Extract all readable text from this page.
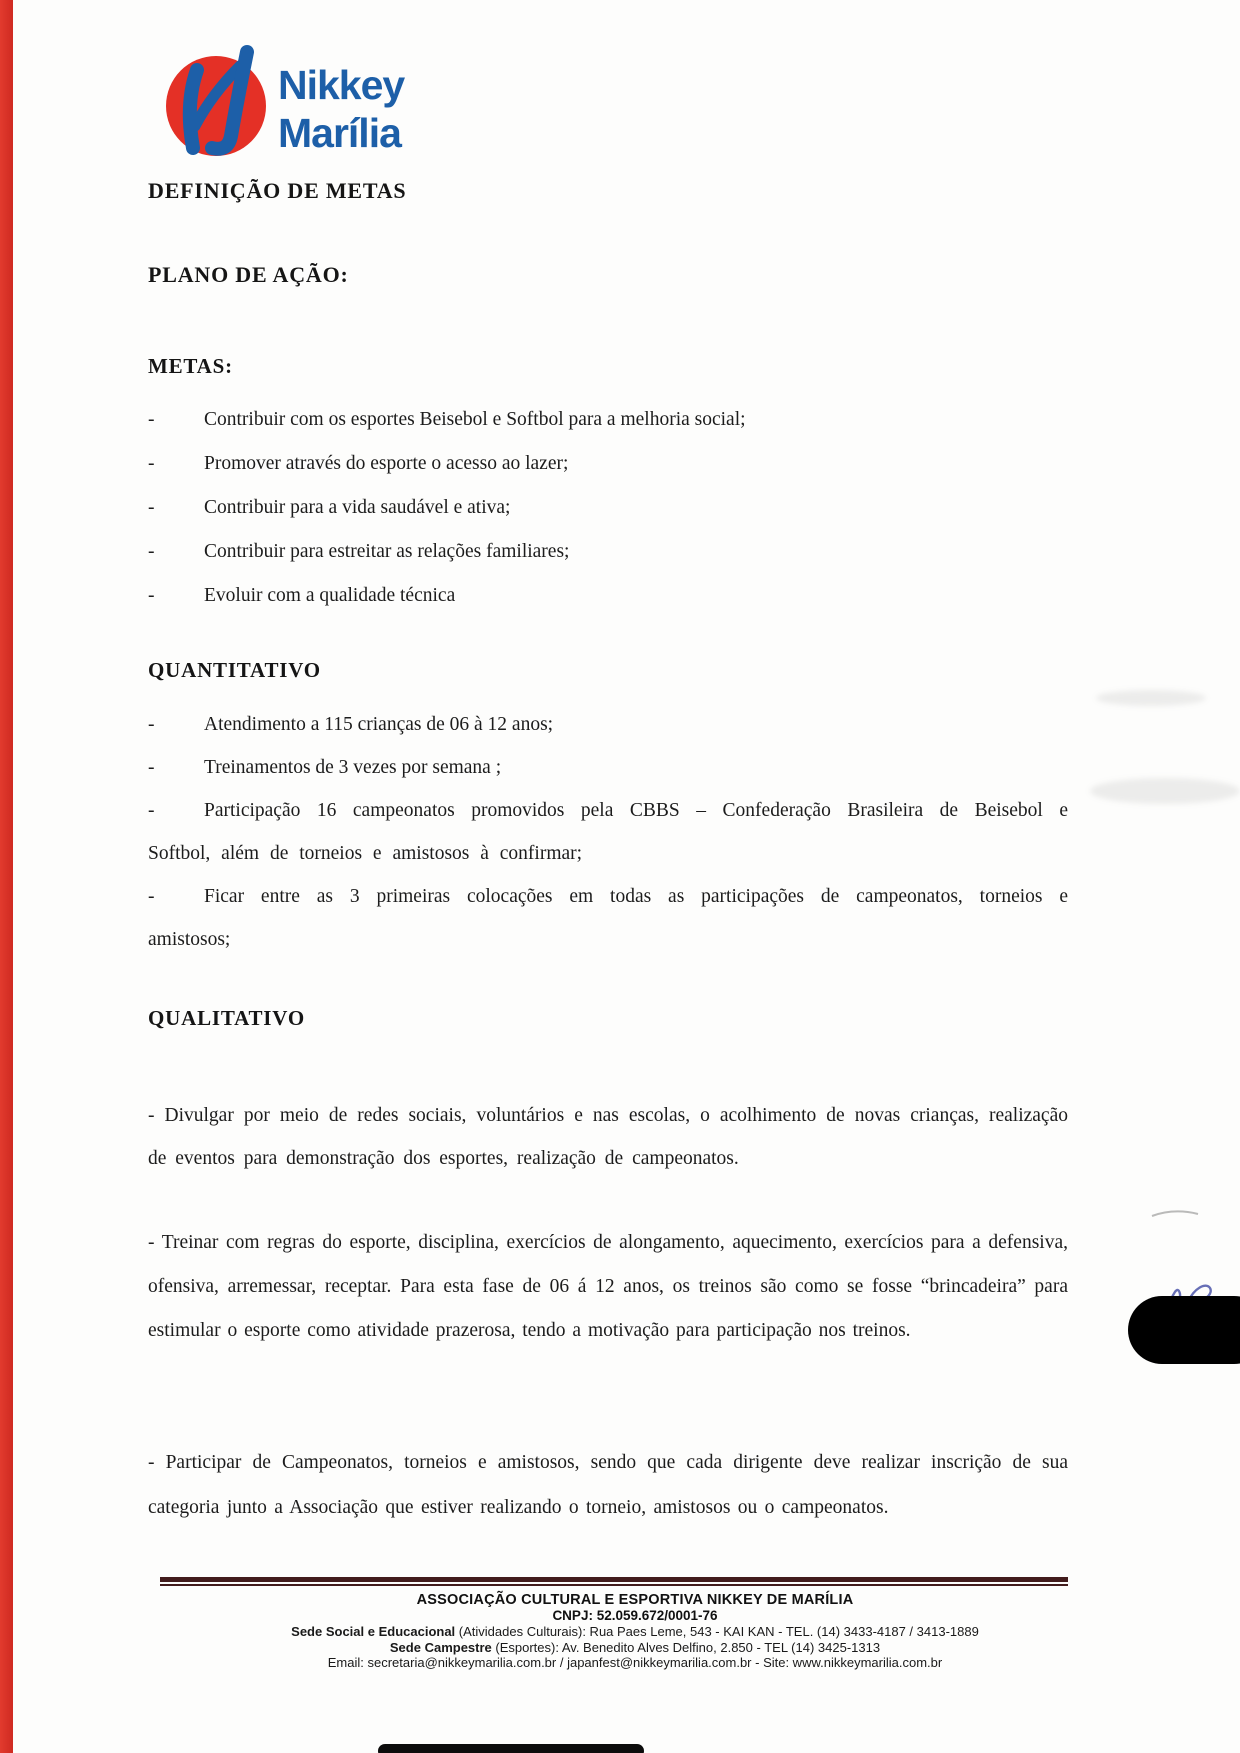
Nikkey
Marília
DEFINIÇÃO DE METAS
PLANO DE AÇÃO:
METAS:

-	Contribuir com os esportes Beisebol e Softbol para a melhoria social;

-	Promover através do esporte o acesso ao lazer;

-	Contribuir para a vida saudável e ativa;

-	Contribuir para estreitar as relações familiares;

-	Evoluir com a qualidade técnica

QUANTITATIVO

-	Atendimento a 115 crianças de 06 à 12 anos;

-	Treinamentos de 3 vezes por semana ;

-	Participação 16 campeonatos promovidos pela CBBS – Confederação Brasileira de Beisebol e Softbol, além de torneios e amistosos à confirmar;

-	Ficar entre as 3 primeiras colocações em todas as participações de campeonatos, torneios e amistosos;

QUALITATIVO

- Divulgar por meio de redes sociais, voluntários e nas escolas, o acolhimento de novas crianças, realização de eventos para demonstração dos esportes, realização de campeonatos.

- Treinar com regras do esporte, disciplina, exercícios de alongamento, aquecimento, exercícios para a defensiva, ofensiva, arremessar, receptar. Para esta fase de 06 á 12 anos, os treinos são como se fosse “brincadeira” para estimular o esporte como atividade prazerosa, tendo a motivação para participação nos treinos.

- Participar de Campeonatos, torneios e amistosos, sendo que cada dirigente deve realizar inscrição de sua categoria junto a Associação que estiver realizando o torneio, amistosos ou o campeonatos.

ASSOCIAÇÃO CULTURAL E ESPORTIVA NIKKEY DE MARÍLIA
CNPJ: 52.059.672/0001-76
Sede Social e Educacional (Atividades Culturais): Rua Paes Leme, 543 - KAI KAN - TEL. (14) 3433-4187 / 3413-1889
Sede Campestre (Esportes): Av. Benedito Alves Delfino, 2.850 - TEL (14) 3425-1313
Email: secretaria@nikkeymarilia.com.br / japanfest@nikkeymarilia.com.br - Site: www.nikkeymarilia.com.br
